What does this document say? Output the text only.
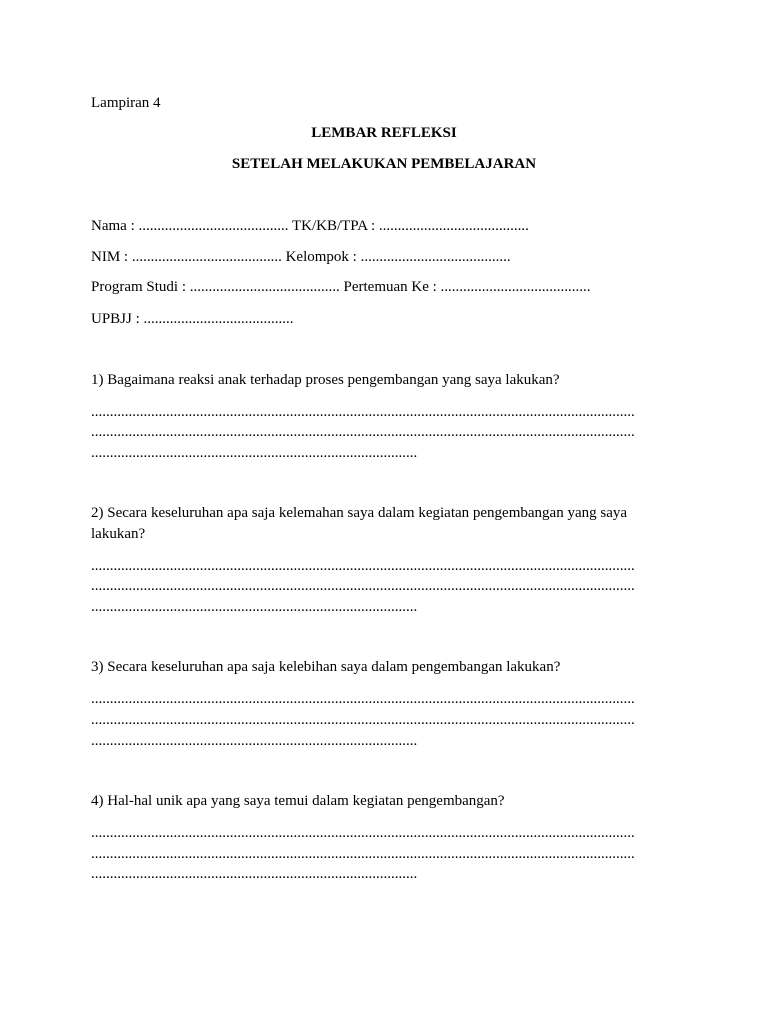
Lampiran 4
LEMBAR REFLEKSI
SETELAH MELAKUKAN PEMBELAJARAN
Nama : ........................................ TK/KB/TPA : ........................................
NIM : ........................................ Kelompok : ........................................
Program Studi : ........................................ Pertemuan Ke : ........................................
UPBJJ : ........................................
1) Bagaimana reaksi anak terhadap proses pengembangan yang saya lakukan?
.................................................................................................................................................
.................................................................................................................................................
.......................................................................................
2) Secara keseluruhan apa saja kelemahan saya dalam kegiatan pengembangan yang saya lakukan?
.................................................................................................................................................
.................................................................................................................................................
.......................................................................................
3) Secara keseluruhan apa saja kelebihan saya dalam pengembangan lakukan?
.................................................................................................................................................
.................................................................................................................................................
.......................................................................................
4) Hal-hal unik apa yang saya temui dalam kegiatan pengembangan?
.................................................................................................................................................
.................................................................................................................................................
.......................................................................................
